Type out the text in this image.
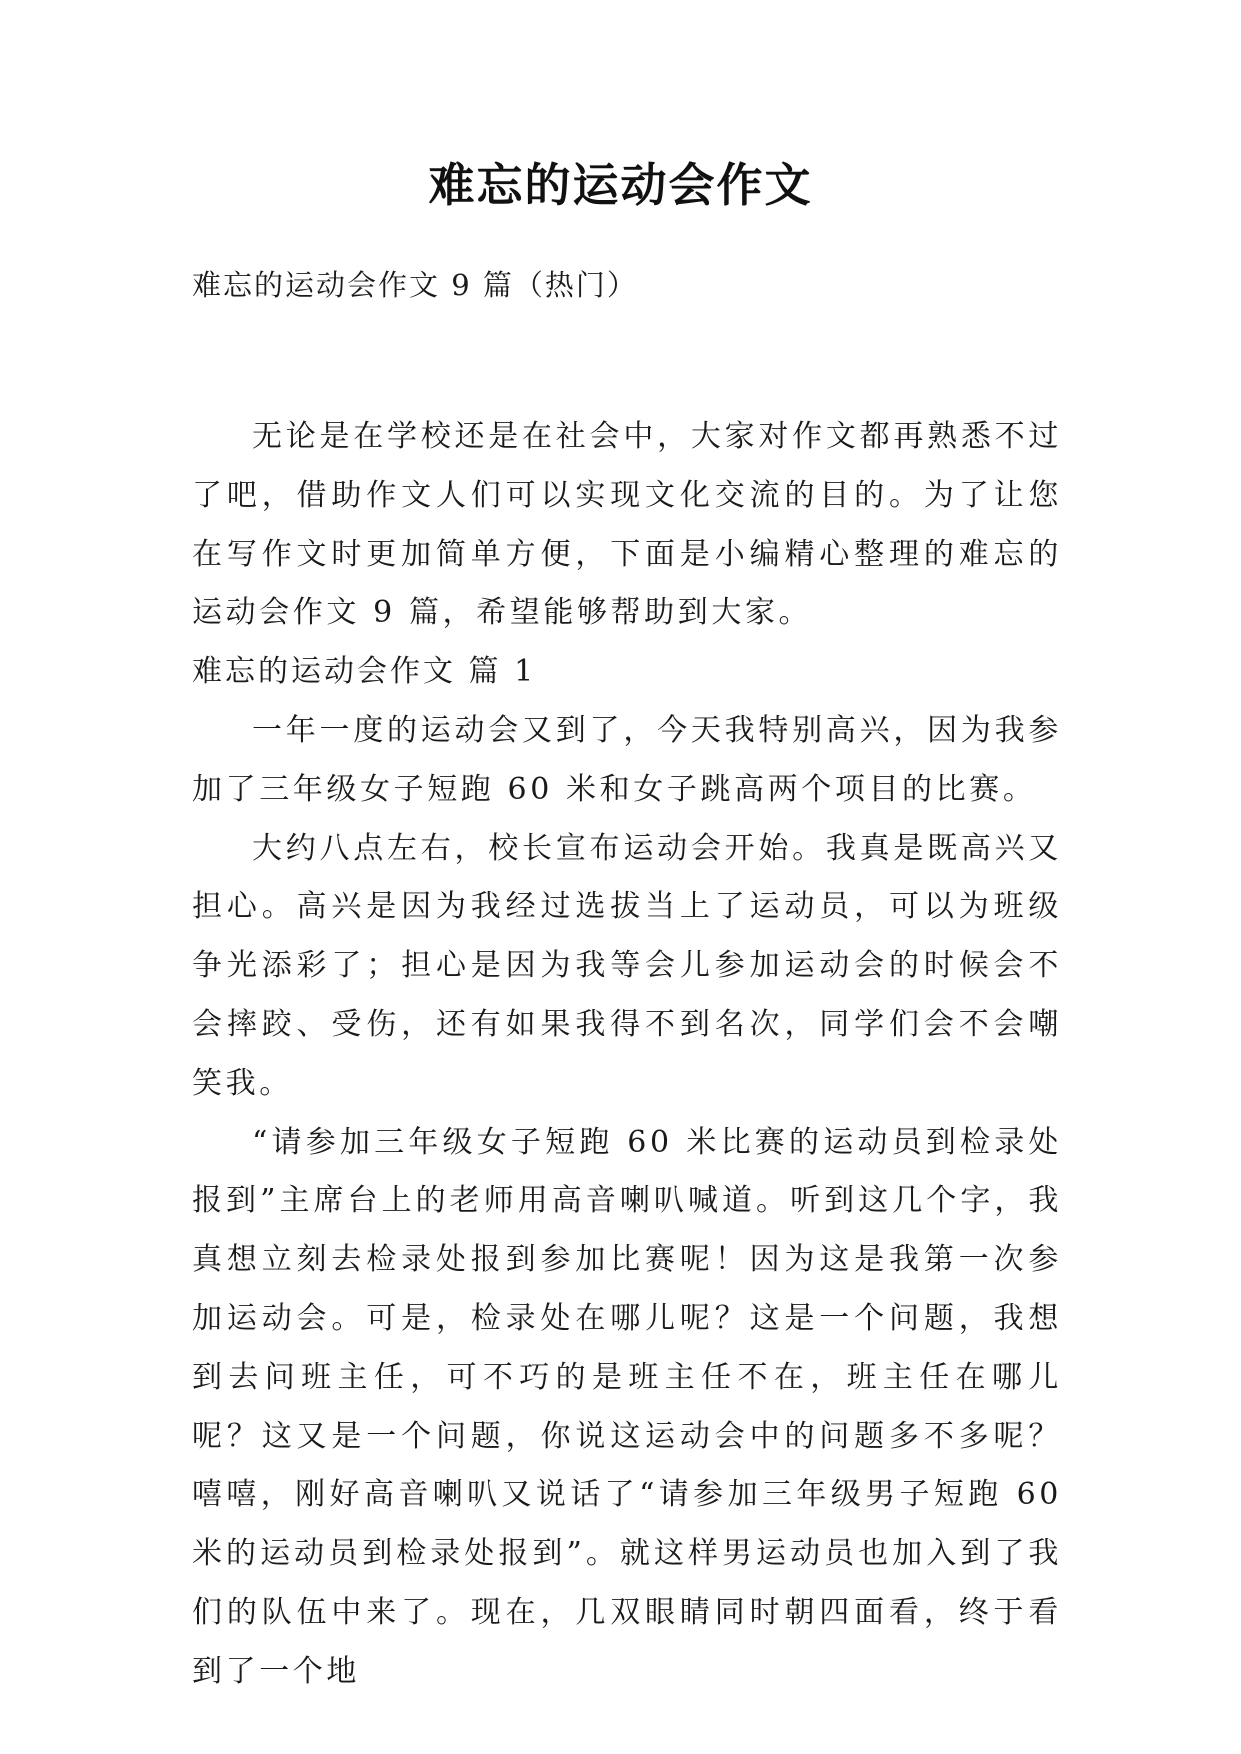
难忘的运动会作文

难忘的运动会作文 9 篇（热门）

无论是在学校还是在社会中，大家对作文都再熟悉不过了吧，借助作文人们可以实现文化交流的目的。为了让您在写作文时更加简单方便，下面是小编精心整理的难忘的运动会作文 9 篇，希望能够帮助到大家。

难忘的运动会作文 篇 1

一年一度的运动会又到了，今天我特别高兴，因为我参加了三年级女子短跑 60 米和女子跳高两个项目的比赛。

大约八点左右，校长宣布运动会开始。我真是既高兴又担心。高兴是因为我经过选拔当上了运动员，可以为班级争光添彩了；担心是因为我等会儿参加运动会的时候会不会摔跤、受伤，还有如果我得不到名次，同学们会不会嘲笑我。

“请参加三年级女子短跑 60 米比赛的运动员到检录处报到”主席台上的老师用高音喇叭喊道。听到这几个字，我真想立刻去检录处报到参加比赛呢！因为这是我第一次参加运动会。可是，检录处在哪儿呢？这是一个问题，我想到去问班主任，可不巧的是班主任不在，班主任在哪儿呢？这又是一个问题，你说这运动会中的问题多不多呢？嘻嘻，刚好高音喇叭又说话了“请参加三年级男子短跑 60 米的运动员到检录处报到”。就这样男运动员也加入到了我们的队伍中来了。现在，几双眼睛同时朝四面看，终于看到了一个地
